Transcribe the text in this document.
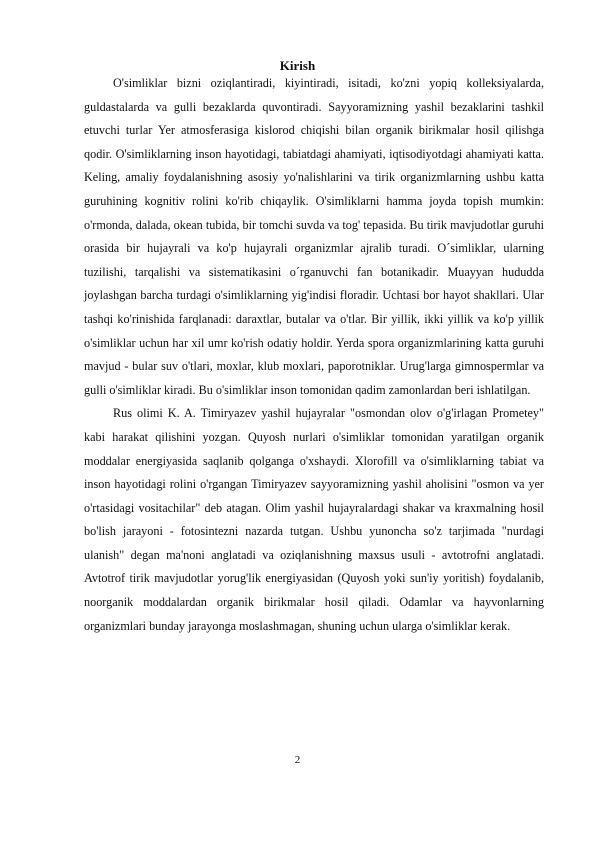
Kirish

O'simliklar bizni oziqlantiradi, kiyintiradi, isitadi, ko'zni yopiq kolleksiyalarda, guldastalarda va gulli bezaklarda quvontiradi. Sayyoramizning yashil bezaklarini tashkil etuvchi turlar Yer atmosferasiga kislorod chiqishi bilan organik birikmalar hosil qilishga qodir. O'simliklarning inson hayotidagi, tabiatdagi ahamiyati, iqtisodiyotdagi ahamiyati katta. Keling, amaliy foydalanishning asosiy yo'nalishlarini va tirik organizmlarning ushbu katta guruhining kognitiv rolini ko'rib chiqaylik. O'simliklarni hamma joyda topish mumkin: o'rmonda, dalada, okean tubida, bir tomchi suvda va tog' tepasida. Bu tirik mavjudotlar guruhi orasida bir hujayrali va ko'p hujayrali organizmlar ajralib turadi. O´simliklar, ularning tuzilishi, tarqalishi va sistematikasini o´rganuvchi fan botanikadir. Muayyan hududda joylashgan barcha turdagi o'simliklarning yig'indisi floradir. Uchtasi bor hayot shakllari. Ular tashqi ko'rinishida farqlanadi: daraxtlar, butalar va o'tlar. Bir yillik, ikki yillik va ko'p yillik o'simliklar uchun har xil umr ko'rish odatiy holdir. Yerda spora organizmlarining katta guruhi mavjud - bular suv o'tlari, moxlar, klub moxlari, paporotniklar. Urug'larga gimnospermlar va gulli o'simliklar kiradi. Bu o'simliklar inson tomonidan qadim zamonlardan beri ishlatilgan.

Rus olimi K. A. Timiryazev yashil hujayralar "osmondan olov o'g'irlagan Prometey" kabi harakat qilishini yozgan. Quyosh nurlari o'simliklar tomonidan yaratilgan organik moddalar energiyasida saqlanib qolganga o'xshaydi. Xlorofill va o'simliklarning tabiat va inson hayotidagi rolini o'rgangan Timiryazev sayyoramizning yashil aholisini "osmon va yer o'rtasidagi vositachilar" deb atagan. Olim yashil hujayralardagi shakar va kraxmalning hosil bo'lish jarayoni - fotosintezni nazarda tutgan. Ushbu yunoncha so'z tarjimada "nurdagi ulanish" degan ma'noni anglatadi va oziqlanishning maxsus usuli - avtotrofni anglatadi. Avtotrof tirik mavjudotlar yorug'lik energiyasidan (Quyosh yoki sun'iy yoritish) foydalanib, noorganik moddalardan organik birikmalar hosil qiladi. Odamlar va hayvonlarning organizmlari bunday jarayonga moslashmagan, shuning uchun ularga o'simliklar kerak.

2
